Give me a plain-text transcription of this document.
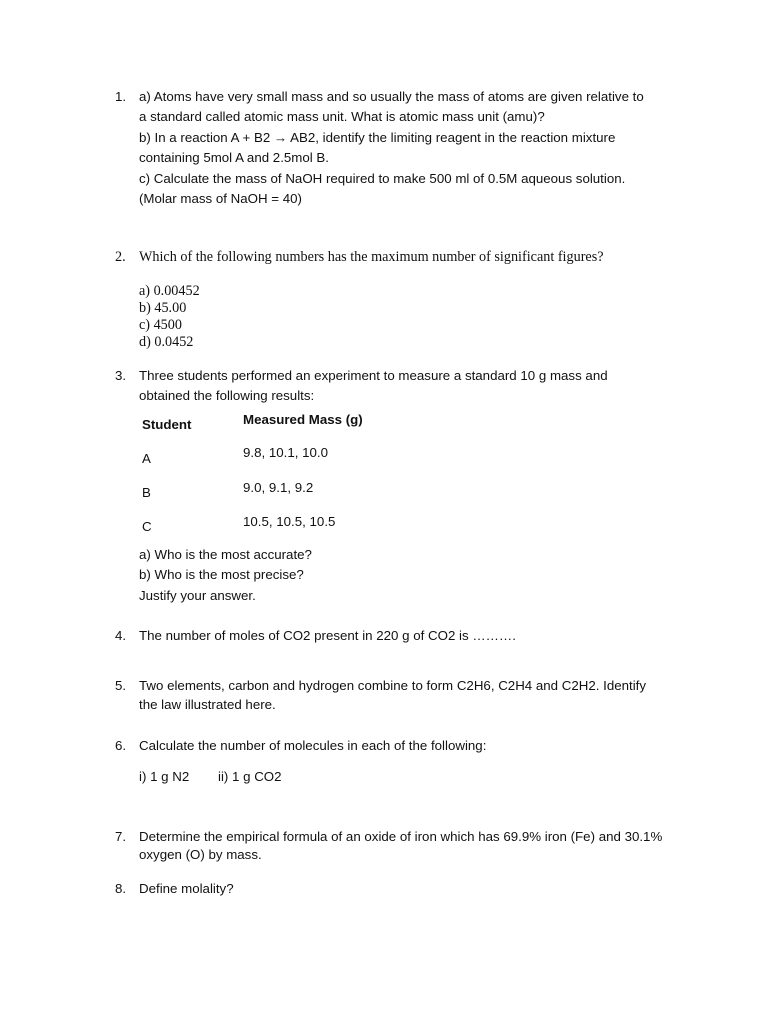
1. a) Atoms have very small mass and so usually the mass of atoms are given relative to
a standard called atomic mass unit. What is atomic mass unit (amu)?
b) In a reaction A + B2 → AB2, identify the limiting reagent in the reaction mixture
containing 5mol A and 2.5mol B.
c) Calculate the mass of NaOH required to make 500 ml of 0.5M aqueous solution.
(Molar mass of NaOH = 40)
2. Which of the following numbers has the maximum number of significant figures?
a) 0.00452
b) 45.00
c) 4500
d) 0.0452
3. Three students performed an experiment to measure a standard 10 g mass and
obtained the following results:
Student	Measured Mass (g)
A	9.8, 10.1, 10.0
B	9.0, 9.1, 9.2
C	10.5, 10.5, 10.5
a) Who is the most accurate?
b) Who is the most precise?
Justify your answer.
4. The number of moles of CO2 present in 220 g of CO2 is ……….
5. Two elements, carbon and hydrogen combine to form C2H6, C2H4 and C2H2. Identify
the law illustrated here.
6. Calculate the number of molecules in each of the following:
i) 1 g N2 ii) 1 g CO2
7. Determine the empirical formula of an oxide of iron which has 69.9% iron (Fe) and 30.1%
oxygen (O) by mass.
8. Define molality?
